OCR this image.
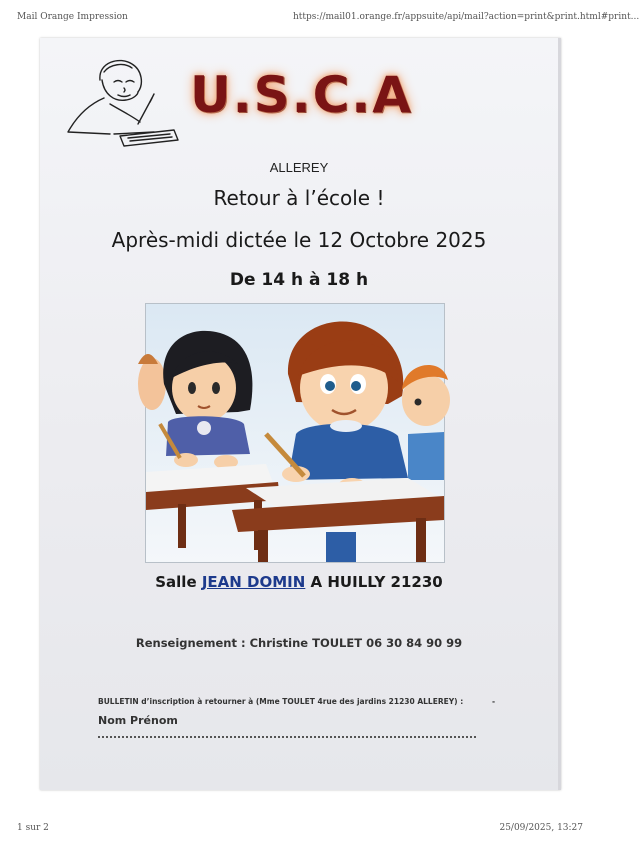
Mail Orange Impression	https://mail01.orange.fr/appsuite/api/mail?action=print&print.html#print...
U.S.C.A
ALLEREY
Retour à l’école !
Après-midi dictée le 12 Octobre 2025
De 14 h à 18 h
Salle JEAN DOMIN A HUILLY 21230
Renseignement : Christine TOULET 06 30 84 90 99
BULLETIN d’inscription à retourner à (Mme TOULET 4rue des jardins 21230 ALLEREY) :	-
Nom Prénom
1 sur 2	25/09/2025, 13:27
